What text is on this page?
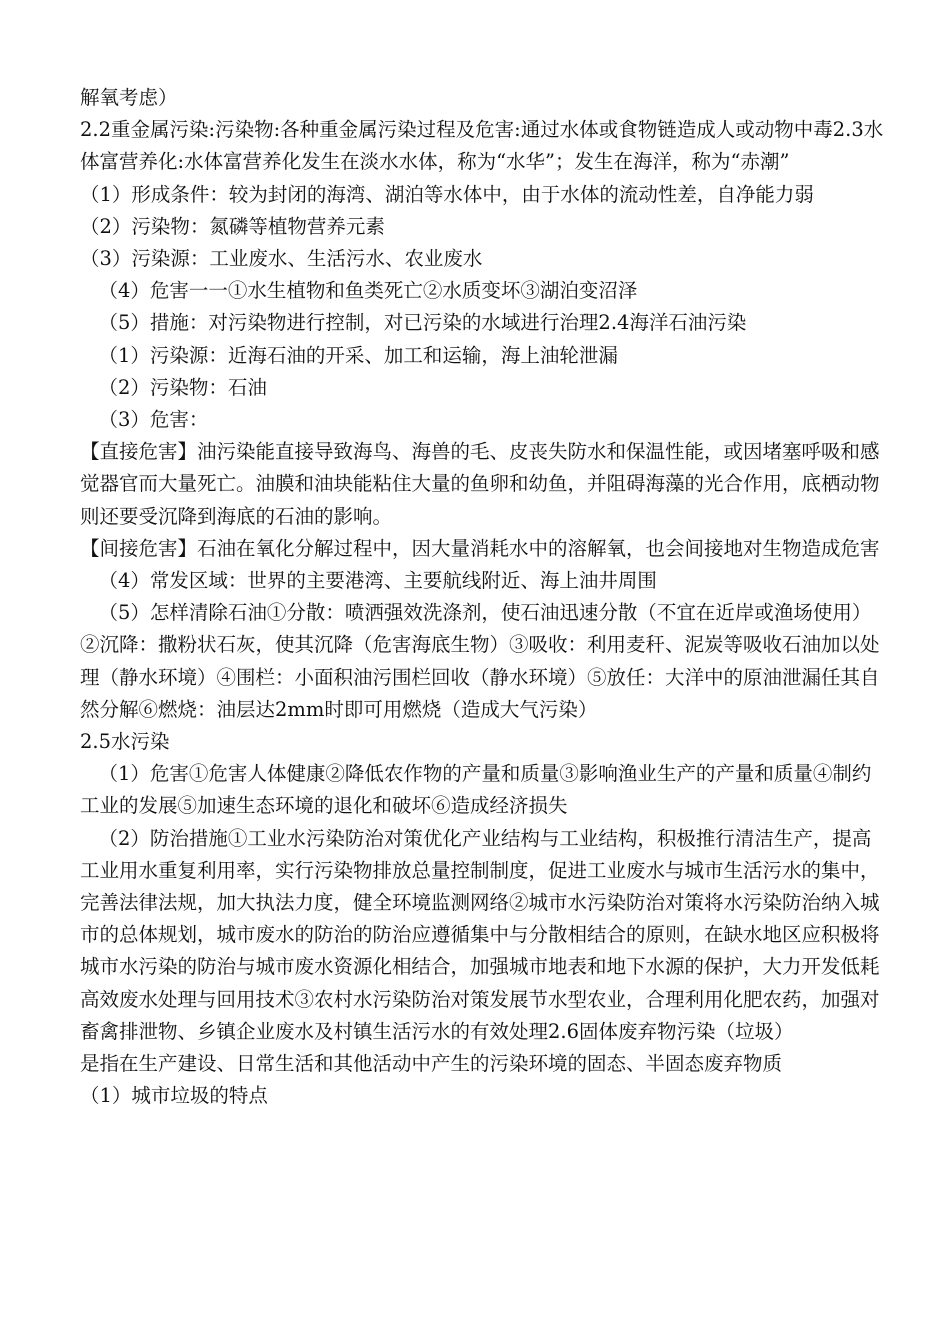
解氧考虑）

2.2重金属污染:污染物:各种重金属污染过程及危害:通过水体或食物链造成人或动物中毒2.3水体富营养化:水体富营养化发生在淡水水体，称为“水华”；发生在海洋，称为“赤潮”

（1）形成条件：较为封闭的海湾、湖泊等水体中，由于水体的流动性差，自净能力弱

（2）污染物：氮磷等植物营养元素

（3）污染源：工业废水、生活污水、农业废水

（4）危害一一①水生植物和鱼类死亡②水质变坏③湖泊变沼泽

（5）措施：对污染物进行控制，对已污染的水域进行治理2.4海洋石油污染

（1）污染源：近海石油的开采、加工和运输，海上油轮泄漏

（2）污染物：石油

（3）危害：

【直接危害】油污染能直接导致海鸟、海兽的毛、皮丧失防水和保温性能，或因堵塞呼吸和感觉器官而大量死亡。油膜和油块能粘住大量的鱼卵和幼鱼，并阻碍海藻的光合作用，底栖动物则还要受沉降到海底的石油的影响。

【间接危害】石油在氧化分解过程中，因大量消耗水中的溶解氧，也会间接地对生物造成危害

（4）常发区域：世界的主要港湾、主要航线附近、海上油井周围

（5）怎样清除石油①分散：喷洒强效洗涤剂，使石油迅速分散（不宜在近岸或渔场使用）②沉降：撒粉状石灰，使其沉降（危害海底生物）③吸收：利用麦秆、泥炭等吸收石油加以处理（静水环境）④围栏：小面积油污围栏回收（静水环境）⑤放任：大洋中的原油泄漏任其自然分解⑥燃烧：油层达2mm时即可用燃烧（造成大气污染）

2.5水污染

（1）危害①危害人体健康②降低农作物的产量和质量③影响渔业生产的产量和质量④制约工业的发展⑤加速生态环境的退化和破坏⑥造成经济损失

（2）防治措施①工业水污染防治对策优化产业结构与工业结构，积极推行清洁生产，提高工业用水重复利用率，实行污染物排放总量控制制度，促进工业废水与城市生活污水的集中，完善法律法规，加大执法力度，健全环境监测网络②城市水污染防治对策将水污染防治纳入城市的总体规划，城市废水的防治的防治应遵循集中与分散相结合的原则，在缺水地区应积极将城市水污染的防治与城市废水资源化相结合，加强城市地表和地下水源的保护，大力开发低耗高效废水处理与回用技术③农村水污染防治对策发展节水型农业，合理利用化肥农药，加强对畜禽排泄物、乡镇企业废水及村镇生活污水的有效处理2.6固体废弃物污染（垃圾）

是指在生产建设、日常生活和其他活动中产生的污染环境的固态、半固态废弃物质

（1）城市垃圾的特点
